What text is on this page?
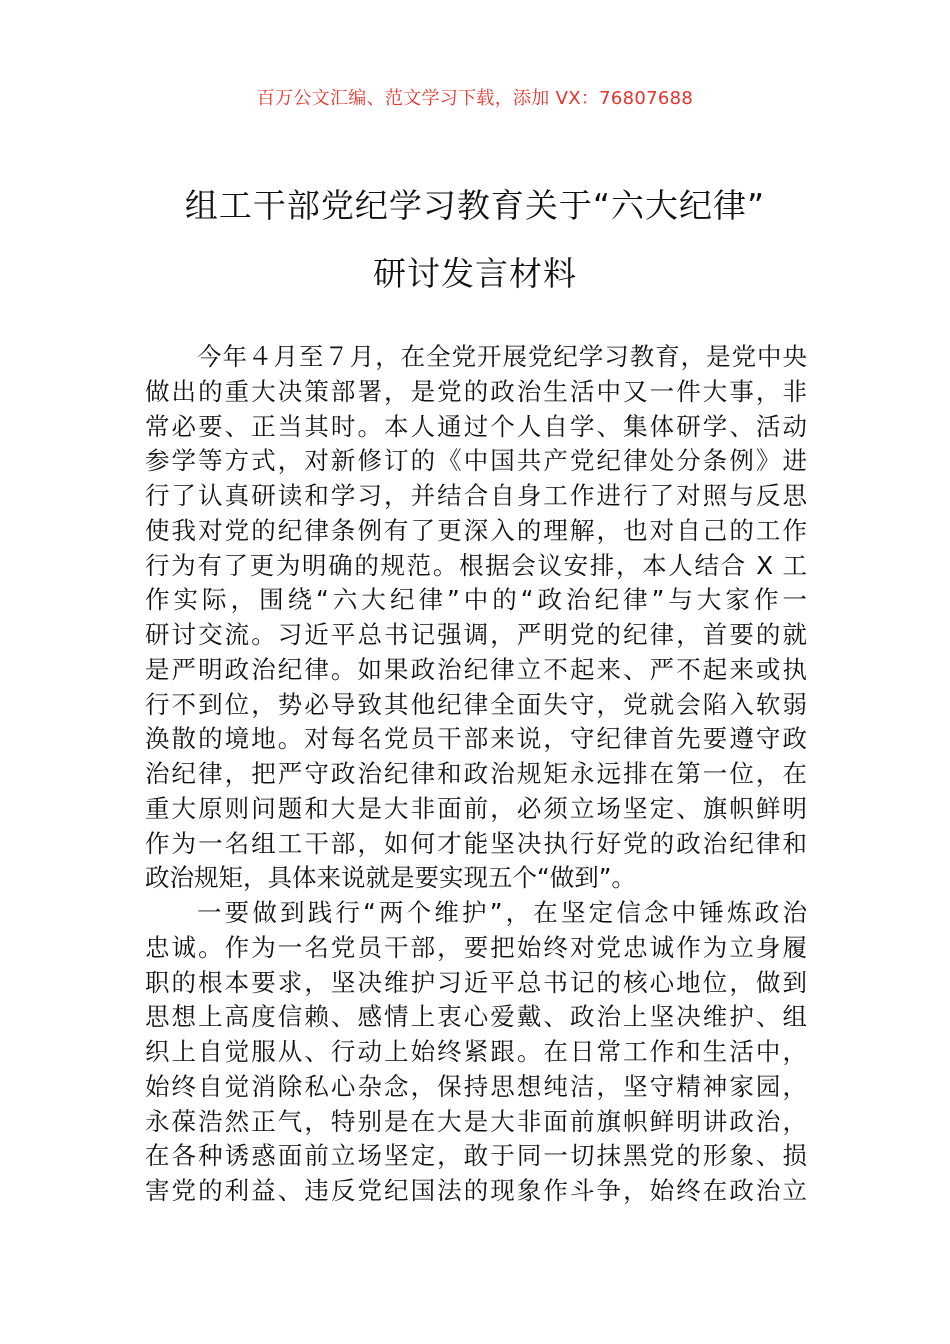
百万公文汇编、范文学习下载，添加 VX：76807688
组工干部党纪学习教育关于“六大纪律”
研讨发言材料
今年４月至７月，在全党开展党纪学习教育，是党中央
做出的重大决策部署，是党的政治生活中又一件大事，非
常必要、正当其时。本人通过个人自学、集体研学、活动
参学等方式，对新修订的《中国共产党纪律处分条例》进
行了认真研读和学习，并结合自身工作进行了对照与反思
使我对党的纪律条例有了更深入的理解，也对自己的工作
行为有了更为明确的规范。根据会议安排，本人结合 X 工
作实际，围绕“六大纪律”中的“政治纪律”与大家作一
研讨交流。习近平总书记强调，严明党的纪律，首要的就
是严明政治纪律。如果政治纪律立不起来、严不起来或执
行不到位，势必导致其他纪律全面失守，党就会陷入软弱
涣散的境地。对每名党员干部来说，守纪律首先要遵守政
治纪律，把严守政治纪律和政治规矩永远排在第一位，在
重大原则问题和大是大非面前，必须立场坚定、旗帜鲜明
作为一名组工干部，如何才能坚决执行好党的政治纪律和
政治规矩，具体来说就是要实现五个“做到”。
一要做到践行“两个维护”，在坚定信念中锤炼政治
忠诚。作为一名党员干部，要把始终对党忠诚作为立身履
职的根本要求，坚决维护习近平总书记的核心地位，做到
思想上高度信赖、感情上衷心爱戴、政治上坚决维护、组
织上自觉服从、行动上始终紧跟。在日常工作和生活中，
始终自觉消除私心杂念，保持思想纯洁，坚守精神家园，
永葆浩然正气，特别是在大是大非面前旗帜鲜明讲政治，
在各种诱惑面前立场坚定，敢于同一切抹黑党的形象、损
害党的利益、违反党纪国法的现象作斗争，始终在政治立
